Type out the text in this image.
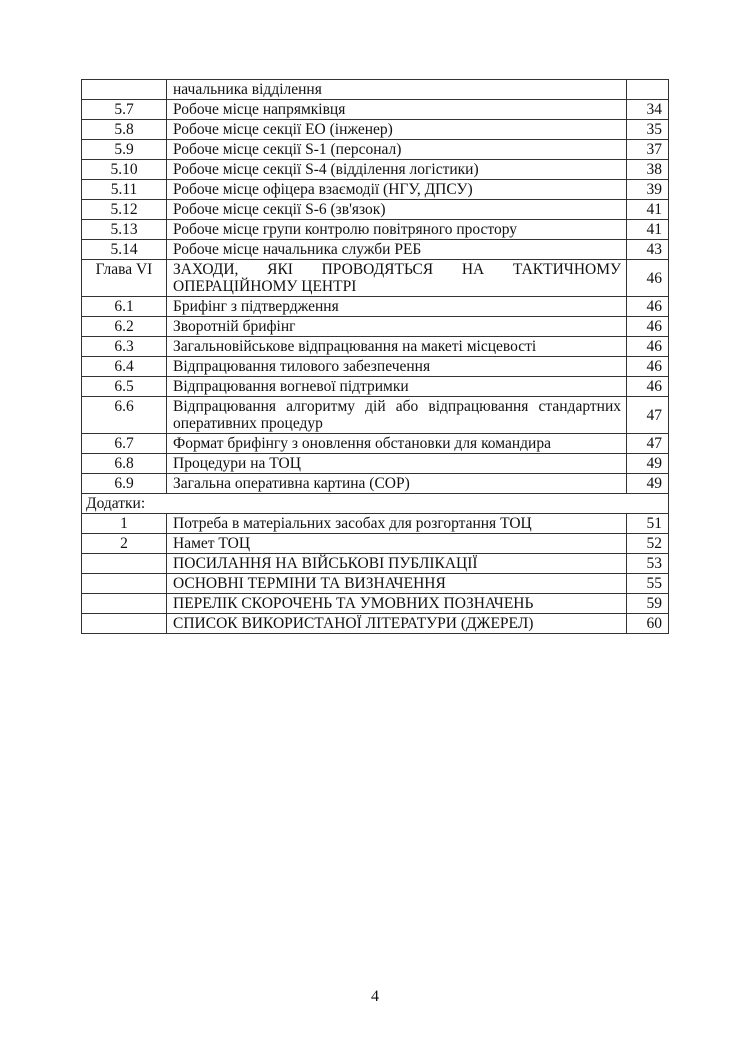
	начальника відділення	
5.7	Робоче місце напрямківця	34
5.8	Робоче місце секції ЕО (інженер)	35
5.9	Робоче місце секції S-1 (персонал)	37
5.10	Робоче місце секції S-4 (відділення логістики)	38
5.11	Робоче місце офіцера взаємодії (НГУ, ДПСУ)	39
5.12	Робоче місце секції S-6 (зв'язок)	41
5.13	Робоче місце групи контролю повітряного простору	41
5.14	Робоче місце начальника служби РЕБ	43
Глава VI	ЗАХОДИ, ЯКІ ПРОВОДЯТЬСЯ НА ТАКТИЧНОМУ ОПЕРАЦІЙНОМУ ЦЕНТРІ	46
6.1	Брифінг з підтвердження	46
6.2	Зворотній брифінг	46
6.3	Загальновійськове відпрацювання на макеті місцевості	46
6.4	Відпрацювання тилового забезпечення	46
6.5	Відпрацювання вогневої підтримки	46
6.6	Відпрацювання алгоритму дій або відпрацювання стандартних оперативних процедур	47
6.7	Формат брифінгу з оновлення обстановки для командира	47
6.8	Процедури на ТОЦ	49
6.9	Загальна оперативна картина (COP)	49
Додатки:		
1	Потреба в матеріальних засобах для розгортання ТОЦ	51
2	Намет ТОЦ	52
	ПОСИЛАННЯ НА ВІЙСЬКОВІ ПУБЛІКАЦІЇ	53
	ОСНОВНІ ТЕРМІНИ ТА ВИЗНАЧЕННЯ	55
	ПЕРЕЛІК СКОРОЧЕНЬ ТА УМОВНИХ ПОЗНАЧЕНЬ	59
	СПИСОК ВИКОРИСТАНОЇ ЛІТЕРАТУРИ (ДЖЕРЕЛ)	60
4
